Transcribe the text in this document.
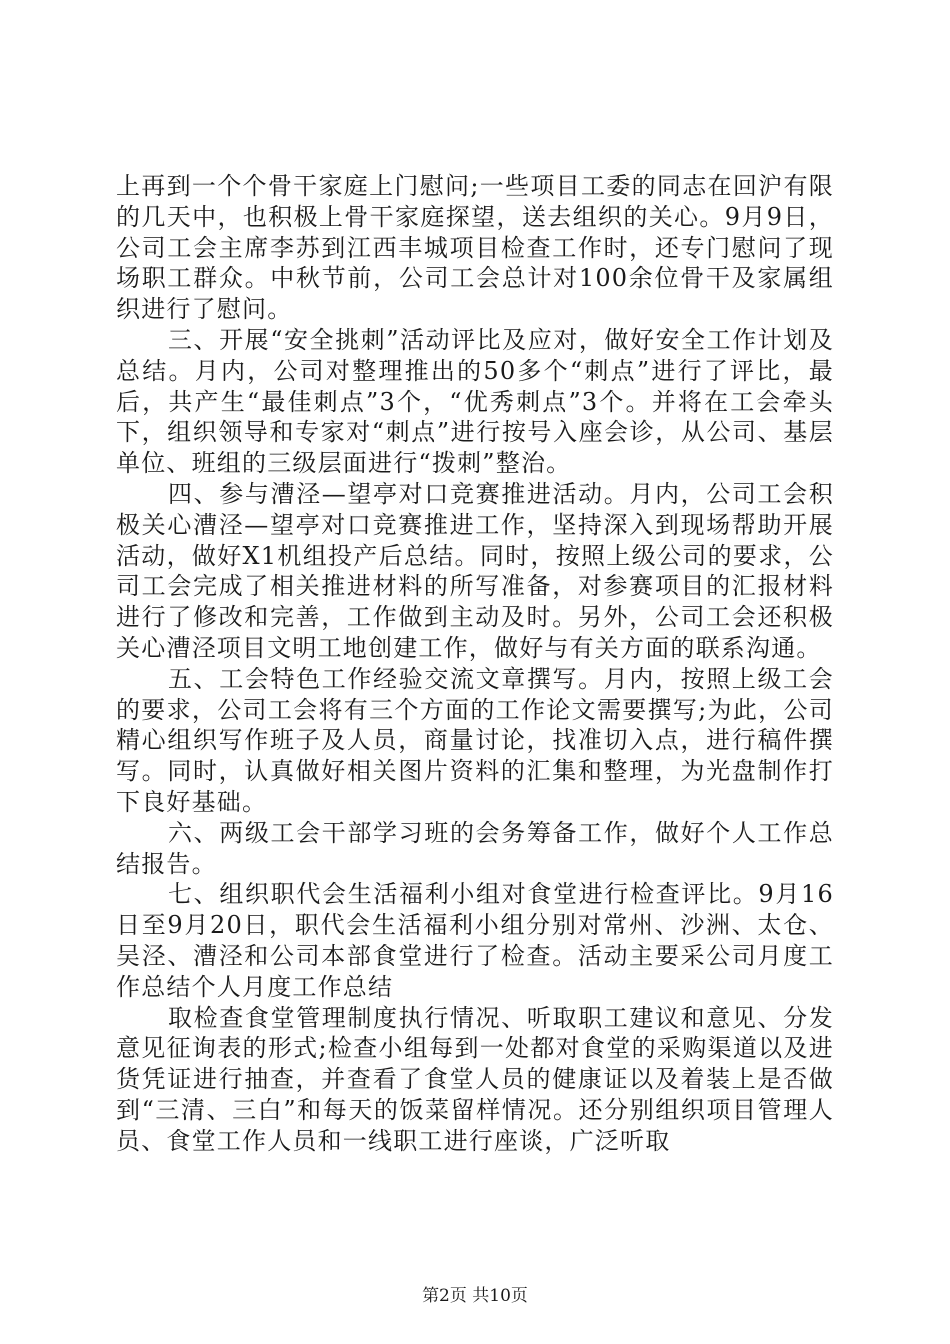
上再到一个个骨干家庭上门慰问;一些项目工委的同志在回沪有限的几天中，也积极上骨干家庭探望，送去组织的关心。9月9日，公司工会主席李苏到江西丰城项目检查工作时，还专门慰问了现场职工群众。中秋节前，公司工会总计对100余位骨干及家属组织进行了慰问。

三、开展“安全挑刺”活动评比及应对，做好安全工作计划及总结。月内，公司对整理推出的50多个“刺点”进行了评比，最后，共产生“最佳刺点”3个，“优秀刺点”3个。并将在工会牵头下，组织领导和专家对“刺点”进行按号入座会诊，从公司、基层单位、班组的三级层面进行“拨刺”整治。

四、参与漕泾—望亭对口竞赛推进活动。月内，公司工会积极关心漕泾—望亭对口竞赛推进工作，坚持深入到现场帮助开展活动，做好X1机组投产后总结。同时，按照上级公司的要求，公司工会完成了相关推进材料的所写准备，对参赛项目的汇报材料进行了修改和完善，工作做到主动及时。另外，公司工会还积极关心漕泾项目文明工地创建工作，做好与有关方面的联系沟通。

五、工会特色工作经验交流文章撰写。月内，按照上级工会的要求，公司工会将有三个方面的工作论文需要撰写;为此，公司精心组织写作班子及人员，商量讨论，找准切入点，进行稿件撰写。同时，认真做好相关图片资料的汇集和整理，为光盘制作打下良好基础。

六、两级工会干部学习班的会务筹备工作，做好个人工作总结报告。

七、组织职代会生活福利小组对食堂进行检查评比。9月16日至9月20日，职代会生活福利小组分别对常州、沙洲、太仓、吴泾、漕泾和公司本部食堂进行了检查。活动主要采公司月度工作总结个人月度工作总结

取检查食堂管理制度执行情况、听取职工建议和意见、分发意见征询表的形式;检查小组每到一处都对食堂的采购渠道以及进货凭证进行抽查，并查看了食堂人员的健康证以及着装上是否做到“三清、三白”和每天的饭菜留样情况。还分别组织项目管理人员、食堂工作人员和一线职工进行座谈，广泛听取

第2页 共10页
